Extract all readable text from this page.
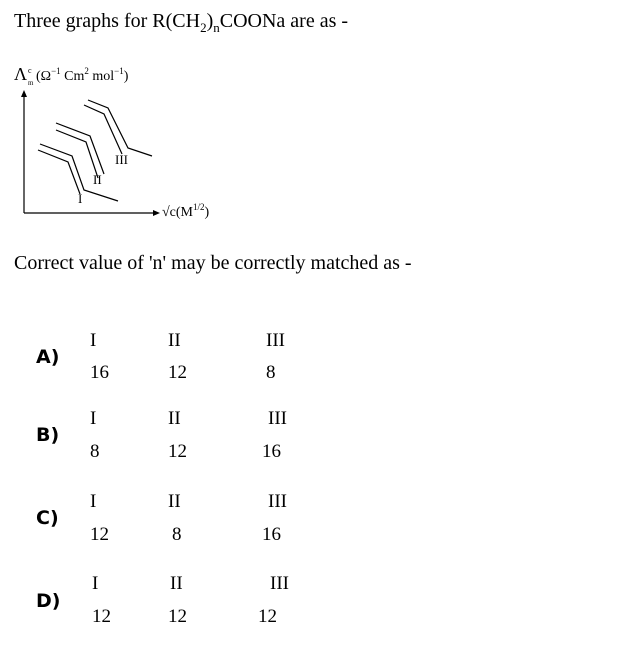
Three graphs for $R(CH_2)_nCOONa$ are as -
Λ c
m ($\Omega^{-1}$ Cm$^2$ mol$^{-1}$)
$√c(M^{1/2})$
I
II
III
Correct value of 'n' may be correctly matched as -
A)
I	II	III
16	12	8
B)
I	II	III
8	12	16
C)
I	II	III
12	8	16
D)
I	II	III
12	12	12
